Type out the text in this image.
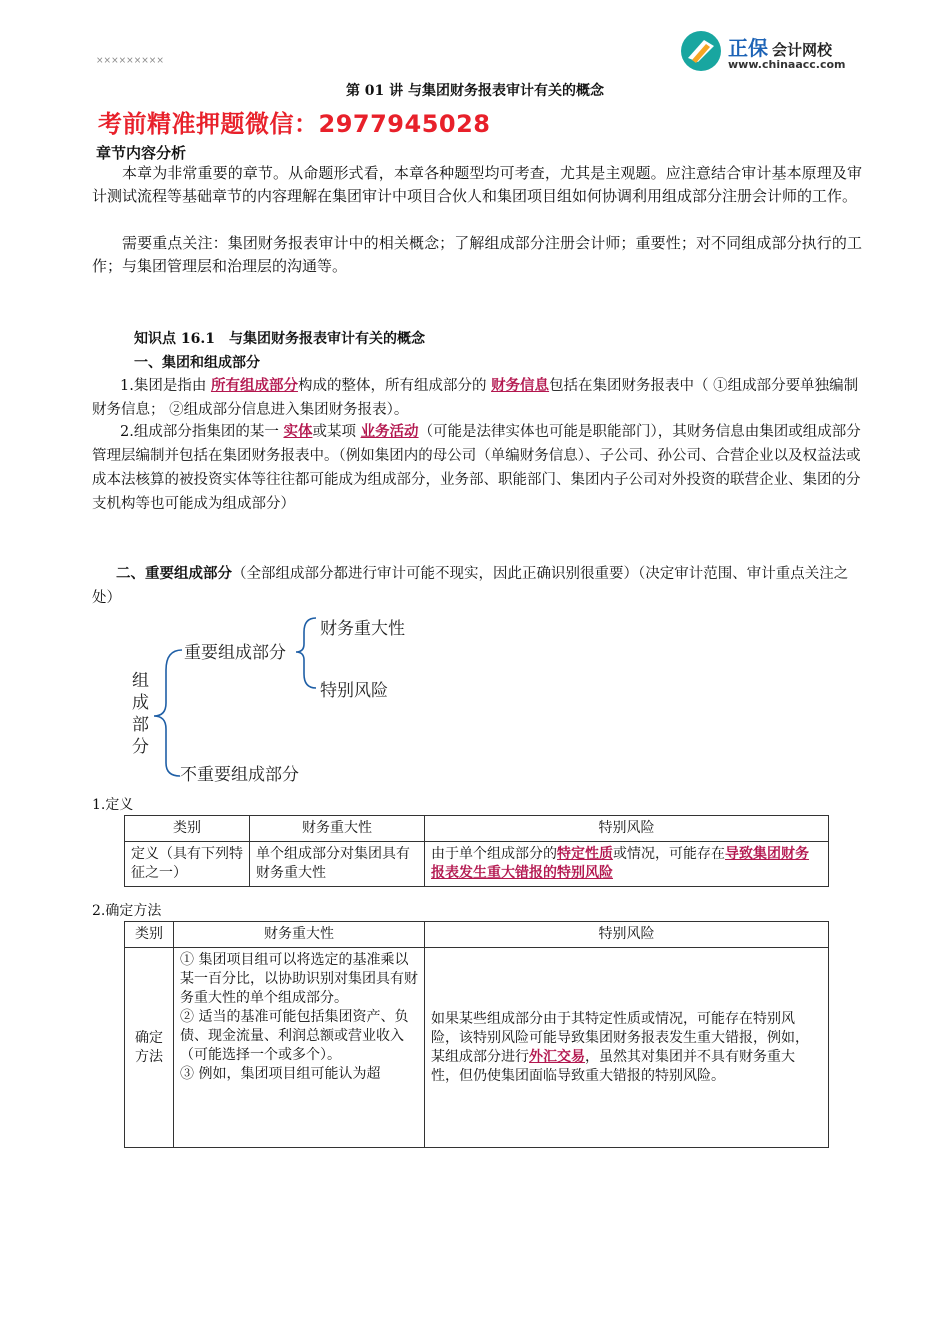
正保 会计网校
www.chinaacc.com
×××××××××
第 01 讲 与集团财务报表审计有关的概念
考前精准押题微信：2977945028
章节内容分析
本章为非常重要的章节。从命题形式看，本章各种题型均可考查，尤其是主观题。应注意结合审计基本原理及审计测试流程等基础章节的内容理解在集团审计中项目合伙人和集团项目组如何协调利用组成部分注册会计师的工作。
需要重点关注：集团财务报表审计中的相关概念；了解组成部分注册会计师；重要性；对不同组成部分执行的工作；与集团管理层和治理层的沟通等。
知识点 16.1　与集团财务报表审计有关的概念
一、集团和组成部分
1.集团是指由 所有组成部分构成的整体，所有组成部分的 财务信息包括在集团财务报表中（ ①组成部分要单独编制财务信息； ②组成部分信息进入集团财务报表）。
2.组成部分指集团的某一 实体或某项 业务活动（可能是法律实体也可能是职能部门），其财务信息由集团或组成部分管理层编制并包括在集团财务报表中。（例如集团内的母公司（单编财务信息）、子公司、孙公司、合营企业以及权益法或成本法核算的被投资实体等往往都可能成为组成部分，业务部、职能部门、集团内子公司对外投资的联营企业、集团的分支机构等也可能成为组成部分）
二、重要组成部分（全部组成部分都进行审计可能不现实，因此正确识别很重要）（决定审计范围、审计重点关注之处）
组
成
部
分
重要组成部分
不重要组成部分
财务重大性
特别风险
1.定义
类别	财务重大性	特别风险
定义（具有下列特征之一）	单个组成部分对集团具有财务重大性	由于单个组成部分的特定性质或情况，可能存在导致集团财务报表发生重大错报的特别风险
2.确定方法
类别	财务重大性	特别风险
确定方法	① 集团项目组可以将选定的基准乘以某一百分比，以协助识别对集团具有财务重大性的单个组成部分。
② 适当的基准可能包括集团资产、负债、现金流量、利润总额或营业收入（可能选择一个或多个）。
③ 例如，集团项目组可能认为超	如果某些组成部分由于其特定性质或情况，可能存在特别风险，该特别风险可能导致集团财务报表发生重大错报，例如，某组成部分进行外汇交易，虽然其对集团并不具有财务重大性，但仍使集团面临导致重大错报的特别风险。
